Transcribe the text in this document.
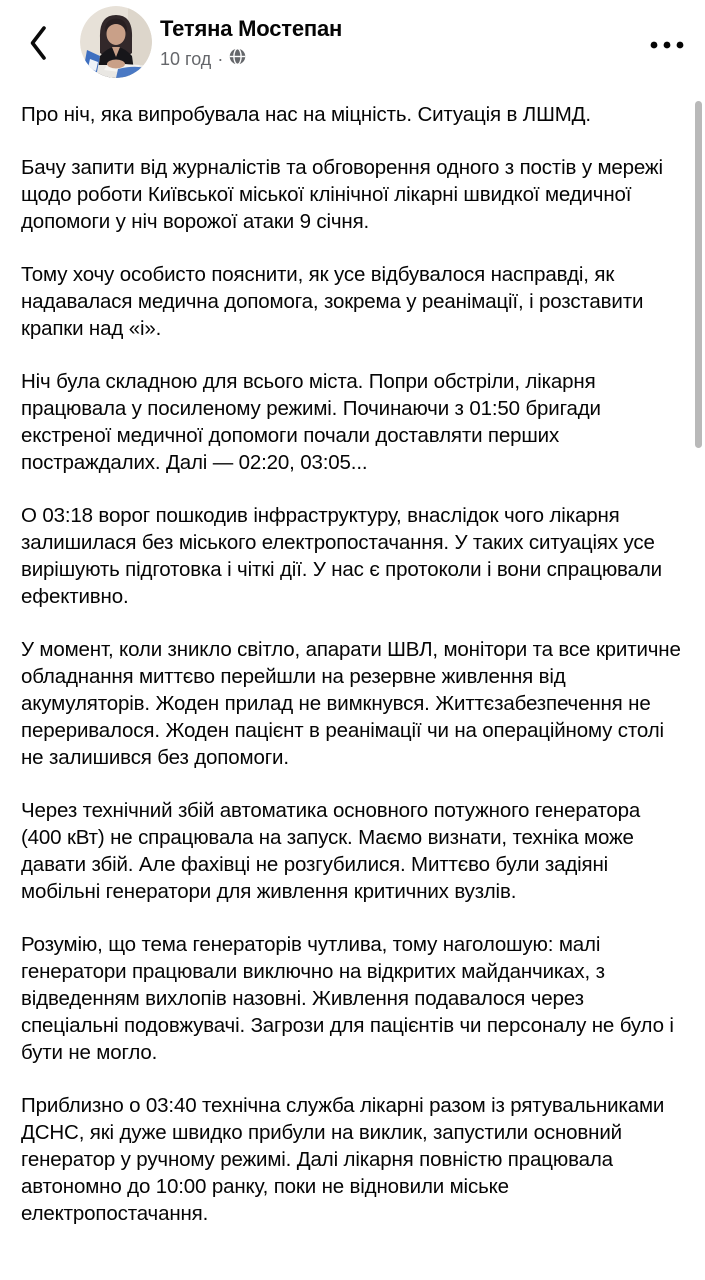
Тетяна Мостепан
10 год ·

Про ніч, яка випробувала нас на міцність. Ситуація в ЛШМД.

Бачу запити від журналістів та обговорення одного з постів у мережі щодо роботи Київської міської клінічної лікарні швидкої медичної допомоги у ніч ворожої атаки 9 січня.

Тому хочу особисто пояснити, як усе відбувалося насправді, як надавалася медична допомога, зокрема у реанімації, і розставити крапки над «і».

Ніч була складною для всього міста. Попри обстріли, лікарня працювала у посиленому режимі. Починаючи з 01:50 бригади екстреної медичної допомоги почали доставляти перших постраждалих. Далі — 02:20, 03:05...

О 03:18 ворог пошкодив інфраструктуру, внаслідок чого лікарня залишилася без міського електропостачання. У таких ситуаціях усе вирішують підготовка і чіткі дії. У нас є протоколи і вони спрацювали ефективно.

У момент, коли зникло світло, апарати ШВЛ, монітори та все критичне обладнання миттєво перейшли на резервне живлення від акумуляторів. Жоден прилад не вимкнувся. Життєзабезпечення не переривалося. Жоден пацієнт в реанімації чи на операційному столі не залишився без допомоги.

Через технічний збій автоматика основного потужного генератора (400 кВт) не спрацювала на запуск. Маємо визнати, техніка може давати збій. Але фахівці не розгубилися. Миттєво були задіяні мобільні генератори для живлення критичних вузлів.

Розумію, що тема генераторів чутлива, тому наголошую: малі генератори працювали виключно на відкритих майданчиках, з відведенням вихлопів назовні. Живлення подавалося через спеціальні подовжувачі. Загрози для пацієнтів чи персоналу не було і бути не могло.

Приблизно о 03:40 технічна служба лікарні разом із рятувальниками ДСНС, які дуже швидко прибули на виклик, запустили основний генератор у ручному режимі. Далі лікарня повністю працювала автономно до 10:00 ранку, поки не відновили міське електропостачання.
